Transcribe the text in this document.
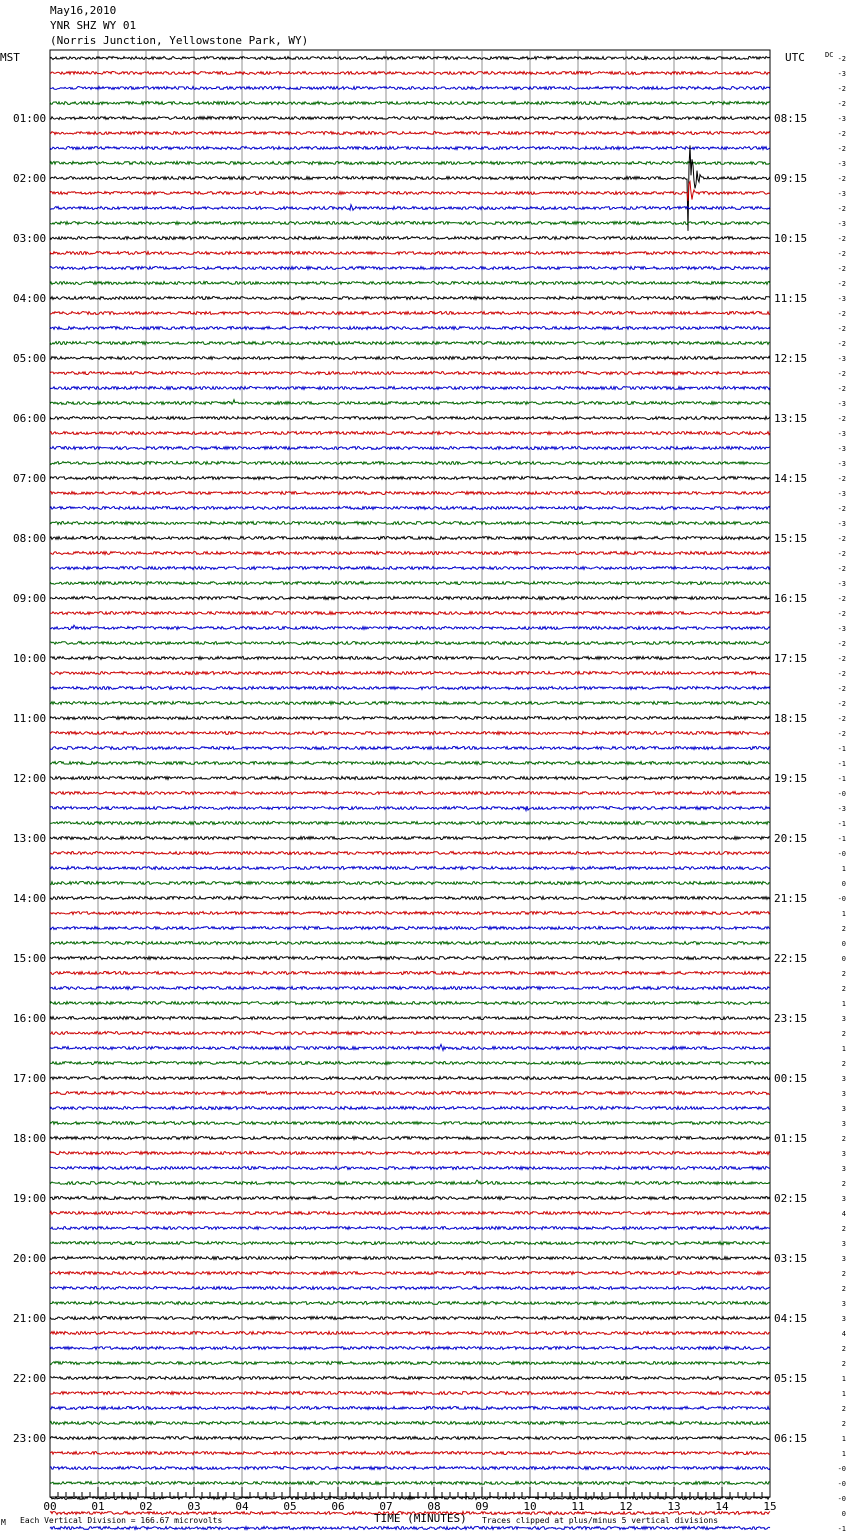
May16,2010
YNR SHZ WY 01
(Norris Junction, Yellowstone Park, WY)
01:00
02:00
03:00
04:00
05:00
06:00
07:00
08:00
09:00
10:00
11:00
12:00
13:00
14:00
15:00
16:00
17:00
18:00
19:00
20:00
21:00
22:00
23:00
08:15
09:15
10:15
11:15
12:15
13:15
14:15
15:15
16:15
17:15
18:15
19:15
20:15
21:15
22:15
23:15
00:15
01:15
02:15
03:15
04:15
05:15
06:15
-2
-3
-2
-2
-3
-2
-2
-3
-2
-3
-2
-3
-2
-2
-2
-2
-3
-2
-2
-2
-3
-2
-2
-3
-2
-3
-3
-3
-2
-3
-2
-3
-2
-2
-2
-3
-2
-2
-3
-2
-2
-2
-2
-2
-2
-2
-1
-1
-1
-0
-3
-1
-1
-0
1
0
-0
1
2
0
0
2
2
1
3
2
1
2
3
3
3
3
2
3
3
2
3
4
2
3
3
2
2
3
3
4
2
2
1
1
2
2
1
1
-0
-0
-0
0
-1
00	01	02	03	04	05	06	07	08	09	10	11	12	13	14	15
MST	UTC	DC
TIME (MINUTES)
M Each Vertical Division = 166.67 microvolts	Traces clipped at plus/minus 5 vertical divisions
